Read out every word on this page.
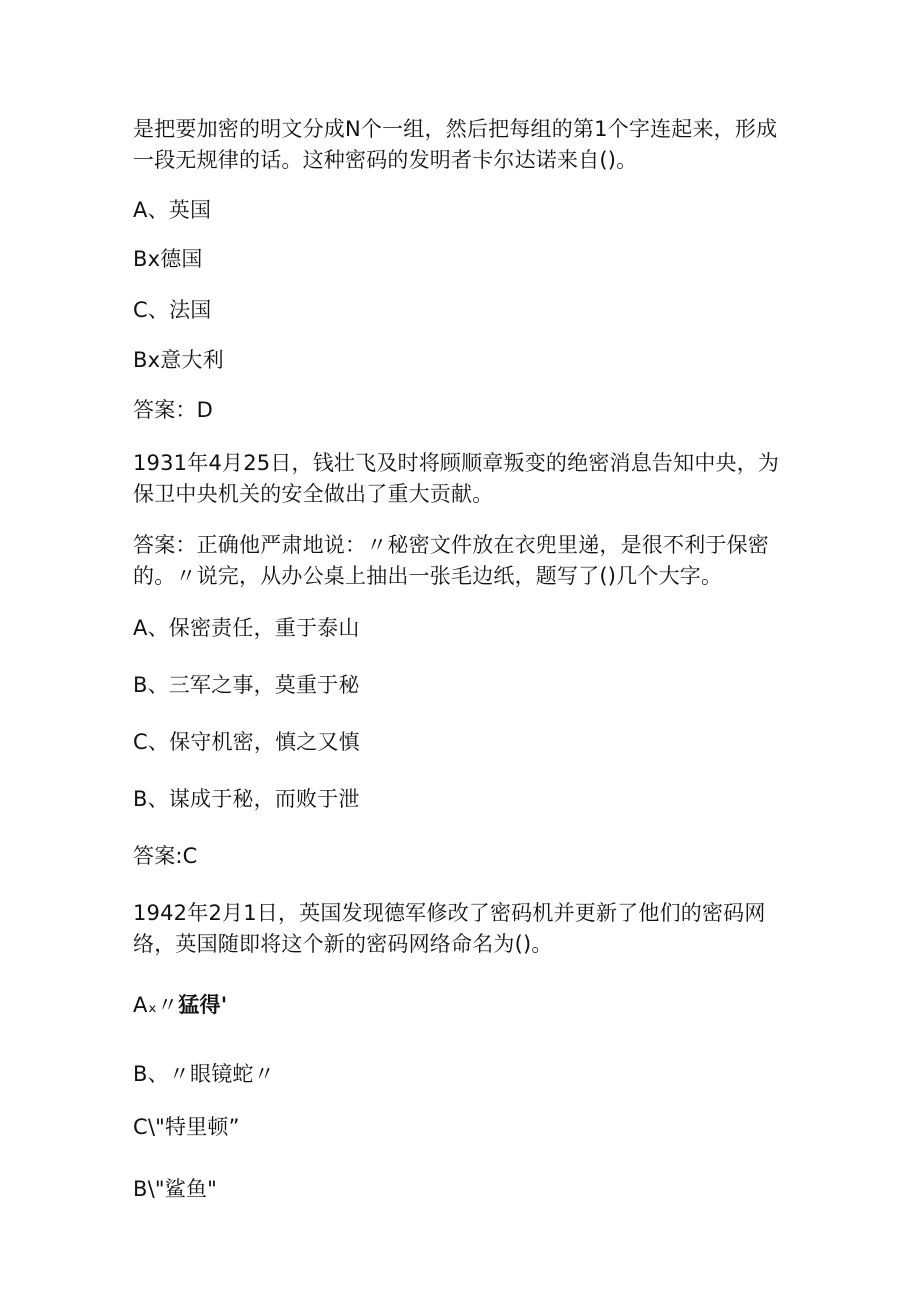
是把要加密的明文分成N个一组，然后把每组的第1个字连起来，形成

一段无规律的话。这种密码的发明者卡尔达诺来自()。

A、英国

Bx德国

C、法国

Bx意大利

答案：D

1931年4月25日，钱壮飞及时将顾顺章叛变的绝密消息告知中央，为

保卫中央机关的安全做出了重大贡献。

答案：正确他严肃地说：〃秘密文件放在衣兜里递，是很不利于保密

的。〃说完，从办公桌上抽出一张毛边纸，题写了()几个大字。

A、保密责任，重于泰山

B、三军之事，莫重于秘

C、保守机密，慎之又慎

B、谋成于秘，而败于泄

答案:C

1942年2月1日，英国发现德军修改了密码机并更新了他们的密码网

络，英国随即将这个新的密码网络命名为()。

Aₓ〃猛得'

B、〃眼镜蛇〃

C\"特里顿”

B\"鲨鱼"
